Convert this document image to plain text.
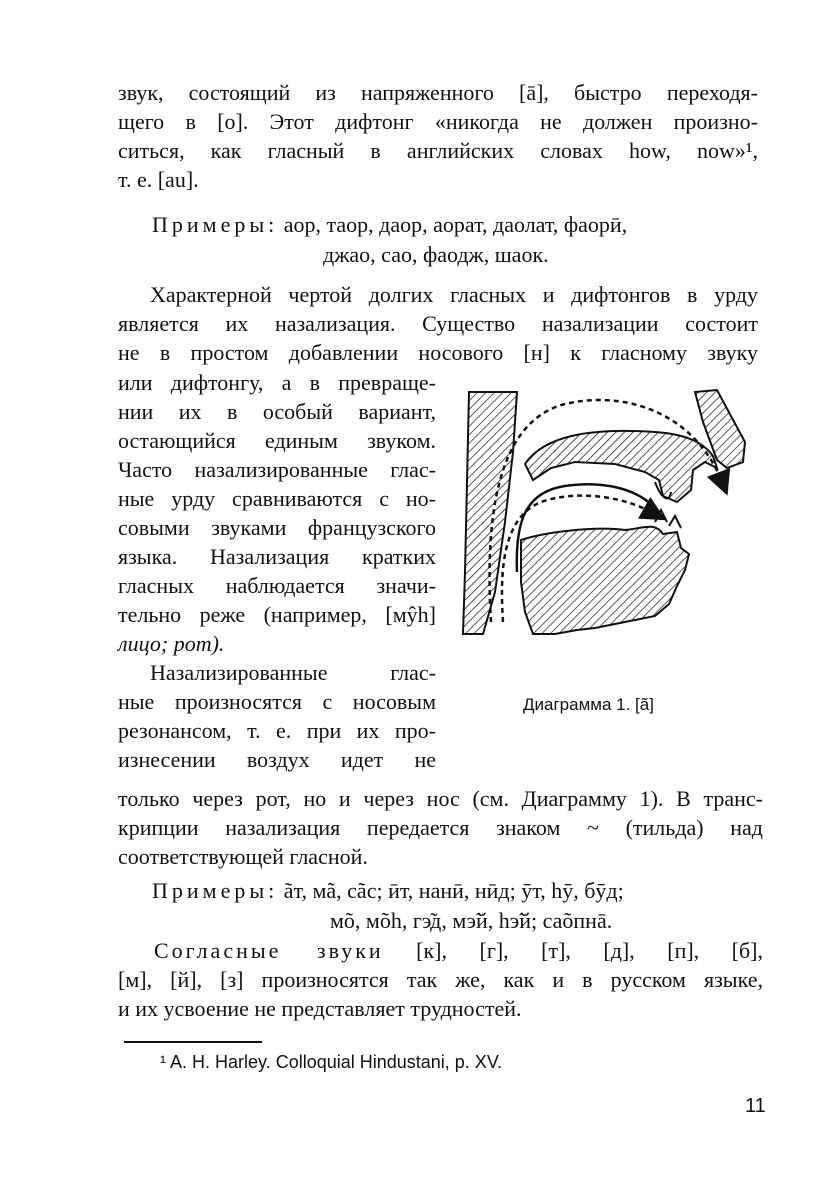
звук, состоящий из напряженного [ā], быстро переходя-
щего в [о]. Этот дифтонг «никогда не должен произно-
ситься, как гласный в английских словах how, now»¹,
т. е. [au].
Примеры: аор, таор, даор, аорат, даолат, фаорӣ,
джао, сао, фаодж, шаок.
Характерной чертой долгих гласных и дифтонгов в урду
является их назализация. Существо назализации состоит
не в простом добавлении носового [н] к гласному звуку
или дифтонгу, а в превраще-
нии их в особый вариант,
остающийся единым звуком.
Часто назализированные глас-
ные урду сравниваются с но-
совыми звуками французского
языка. Назализация кратких
гласных наблюдается значи-
тельно реже (например, [мŷh]
лицо; рот).
Назализированные глас-
ные произносятся с носовым
резонансом, т. е. при их про-
изнесении воздух идет не
Диаграмма 1. [ã]
только через рот, но и через нос (см. Диаграмму 1). В транс-
крипции назализация передается знаком ~ (тильда) над
соответствующей гласной.
Примеры: ãт, мã, сãс; ӣт, нанӣ, нӣд; ӯт, hӯ, бӯд;
мõ, мõh, гэ̃д, мэ̃й, hэ̃й; саõпнā.
Согласные звуки [к], [г], [т], [д], [п], [б],
[м], [й], [з] произносятся так же, как и в русском языке,
и их усвоение не представляет трудностей.
¹ A. H. Harley. Colloquial Hindustani, p. XV.
11
